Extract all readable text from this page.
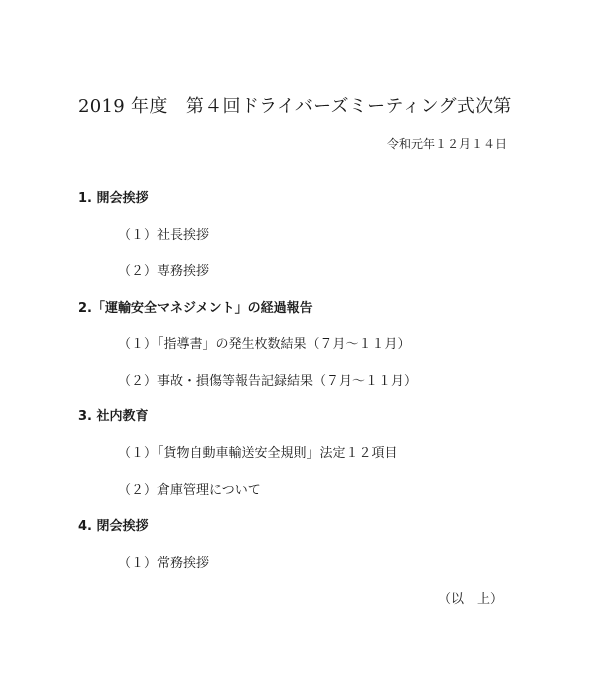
2019 年度　第４回ドライバーズミーティング式次第
令和元年１２月１４日
1. 開会挨拶
（１）社長挨拶
（２）専務挨拶
2.「運輸安全マネジメント」の経過報告
（１）「指導書」の発生枚数結果（７月～１１月）
（２）事故・損傷等報告記録結果（７月～１１月）
3. 社内教育
（１）「貨物自動車輸送安全規則」法定１２項目
（２）倉庫管理について
4. 閉会挨拶
（１）常務挨拶
（以　上）
